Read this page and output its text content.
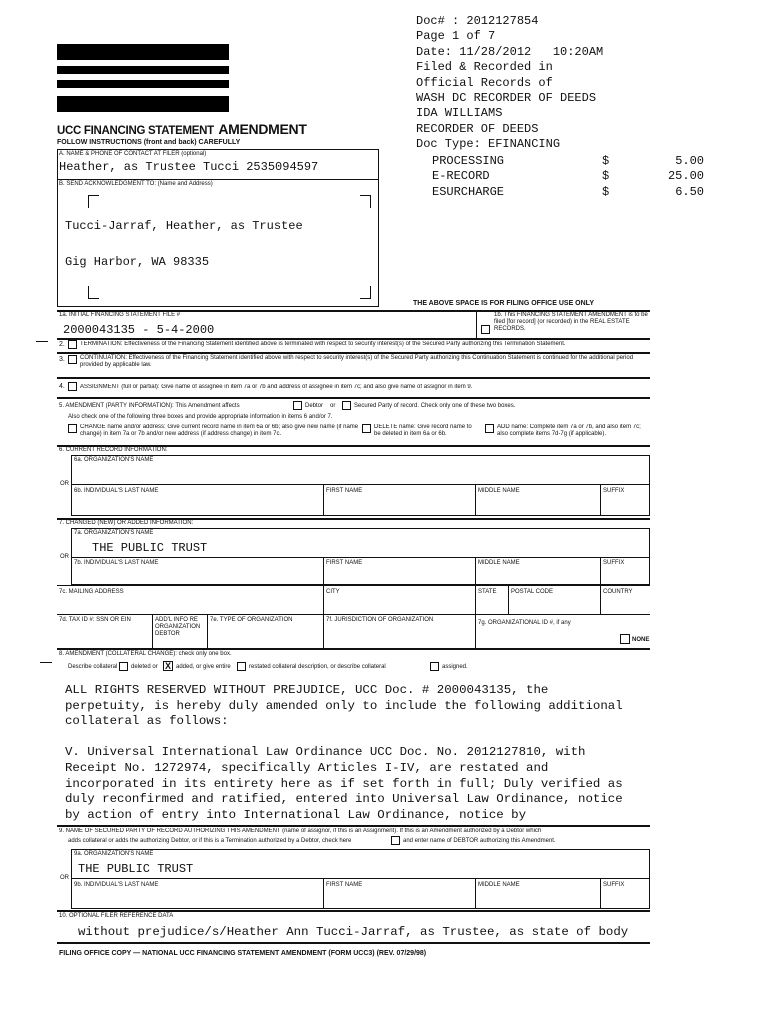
Doc# : 2012127854
Page 1 of 7
Date: 11/28/2012   10:20AM
Filed & Recorded in
Official Records of
WASH DC RECORDER OF DEEDS
IDA WILLIAMS
RECORDER OF DEEDS
Doc Type: EFINANCING
PROCESSING	$	5.00
E-RECORD	$	25.00
ESURCHARGE	$	6.50
UCC FINANCING STATEMENT AMENDMENT
FOLLOW INSTRUCTIONS (front and back) CAREFULLY
A. NAME & PHONE OF CONTACT AT FILER (optional)
Heather, as Trustee Tucci 2535094597
B. SEND ACKNOWLEDGMENT TO: (Name and Address)
Tucci-Jarraf, Heather, as Trustee
Gig Harbor, WA 98335
THE ABOVE SPACE IS FOR FILING OFFICE USE ONLY
1a. INITIAL FINANCING STATEMENT FILE #
2000043135 - 5-4-2000
1b. This FINANCING STATEMENT AMENDMENT is to be filed [for record] (or recorded) in the REAL ESTATE RECORDS.
2.	TERMINATION: Effectiveness of the Financing Statement identified above is terminated with respect to security interest(s) of the Secured Party authorizing this Termination Statement.
3.	CONTINUATION: Effectiveness of the Financing Statement identified above with respect to security interest(s) of the Secured Party authorizing this Continuation Statement is continued for the additional period provided by applicable law.
4.	ASSIGNMENT (full or partial): Give name of assignee in item 7a or 7b and address of assignee in item 7c; and also give name of assignor in item 9.
5. AMENDMENT (PARTY INFORMATION): This Amendment affects	Debtor or	Secured Party of record. Check only one of these two boxes.
Also check one of the following three boxes and provide appropriate information in items 6 and/or 7.
CHANGE name and/or address: Give current record name in item 6a or 6b; also give new name (if name change) in item 7a or 7b and/or new address (if address change) in item 7c.
DELETE name: Give record name to be deleted in item 6a or 6b.
ADD name: Complete item 7a or 7b, and also item 7c; also complete items 7d-7g (if applicable).
6. CURRENT RECORD INFORMATION:
6a. ORGANIZATION'S NAME
OR
6b. INDIVIDUAL'S LAST NAME	FIRST NAME	MIDDLE NAME	SUFFIX
7. CHANGED (NEW) OR ADDED INFORMATION:
7a. ORGANIZATION'S NAME
THE PUBLIC TRUST
OR
7b. INDIVIDUAL'S LAST NAME	FIRST NAME	MIDDLE NAME	SUFFIX
7c. MAILING ADDRESS	CITY	STATE POSTAL CODE	COUNTRY
7d. TAX ID #: SSN OR EIN	ADD'L INFO RE ORGANIZATION DEBTOR
7e. TYPE OF ORGANIZATION	7f. JURISDICTION OF ORGANIZATION	7g. ORGANIZATIONAL ID #, if any
NONE
8. AMENDMENT (COLLATERAL CHANGE): check only one box.
Describe collateral deleted or X added, or give entire	restated collateral description, or describe collateral	assigned.
ALL RIGHTS RESERVED WITHOUT PREJUDICE, UCC Doc. # 2000043135, the
perpetuity, is hereby duly amended only to include the following additional
collateral as follows:
V. Universal International Law Ordinance UCC Doc. No. 2012127810, with
Receipt No. 1272974, specifically Articles I-IV, are restated and
incorporated in its entirety here as if set forth in full; Duly verified as
duly reconfirmed and ratified, entered into Universal Law Ordinance, notice
by action of entry into International Law Ordinance, notice by
9. NAME OF SECURED PARTY OF RECORD AUTHORIZING THIS AMENDMENT (name of assignor, if this is an Assignment). If this is an Amendment authorized by a Debtor which
adds collateral or adds the authorizing Debtor, or if this is a Termination authorized by a Debtor, check here	and enter name of DEBTOR authorizing this Amendment.
9a. ORGANIZATION'S NAME
THE PUBLIC TRUST
OR
9b. INDIVIDUAL'S LAST NAME	FIRST NAME	MIDDLE NAME	SUFFIX
10. OPTIONAL FILER REFERENCE DATA
without prejudice/s/Heather Ann Tucci-Jarraf, as Trustee, as state of body
FILING OFFICE COPY — NATIONAL UCC FINANCING STATEMENT AMENDMENT (FORM UCC3) (REV. 07/29/98)
